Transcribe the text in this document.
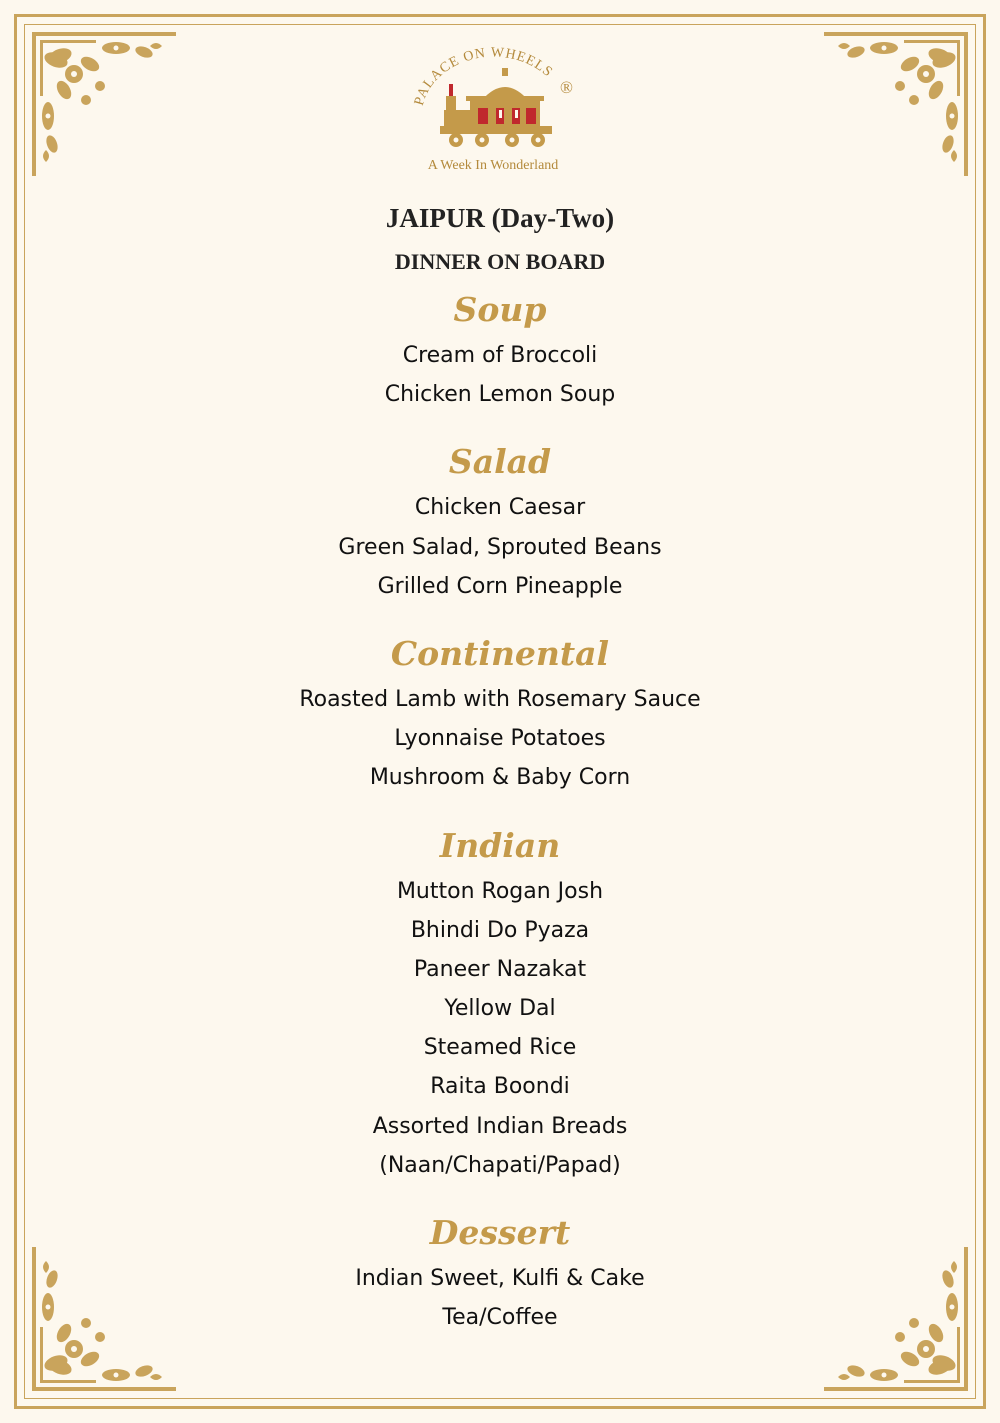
PALACE ON WHEELS
®
A Week In Wonderland
JAIPUR (Day-Two)
DINNER ON BOARD
Soup
Cream of Broccoli
Chicken Lemon Soup
Salad
Chicken Caesar
Green Salad, Sprouted Beans
Grilled Corn Pineapple
Continental
Roasted Lamb with Rosemary Sauce
Lyonnaise Potatoes
Mushroom & Baby Corn
Indian
Mutton Rogan Josh
Bhindi Do Pyaza
Paneer Nazakat
Yellow Dal
Steamed Rice
Raita Boondi
Assorted Indian Breads
(Naan/Chapati/Papad)
Dessert
Indian Sweet, Kulfi & Cake
Tea/Coffee
